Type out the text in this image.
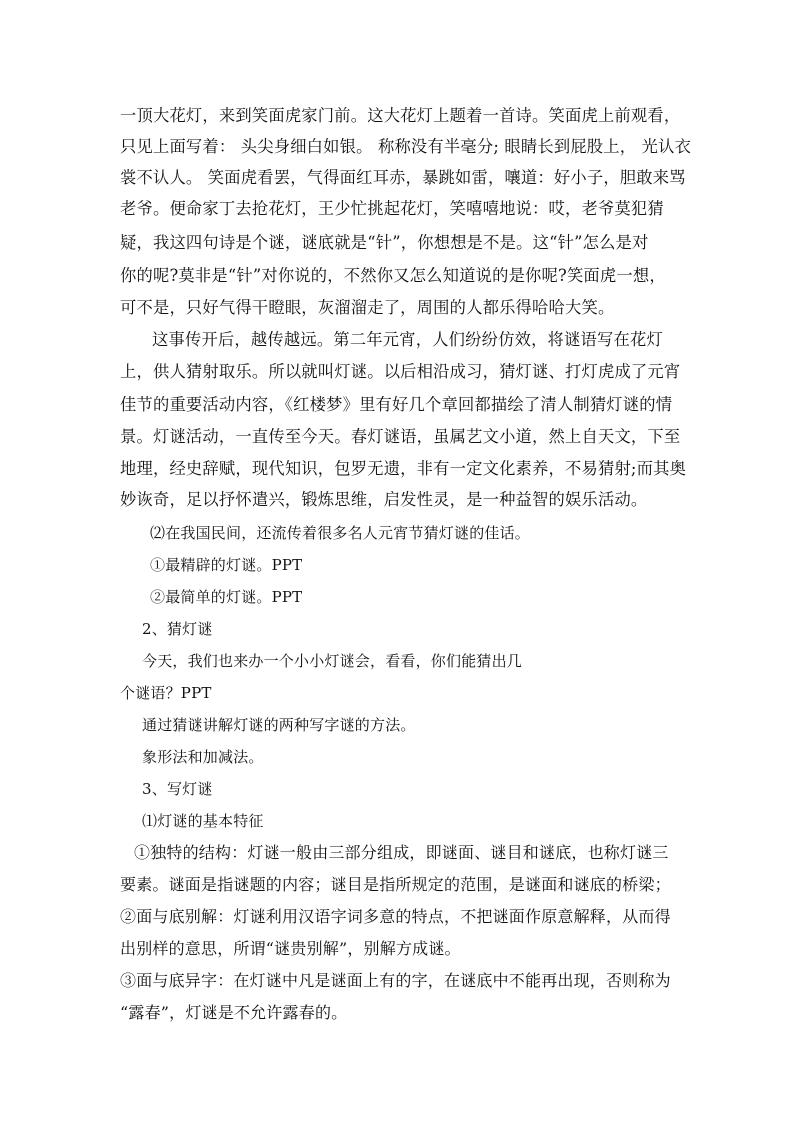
一顶大花灯，来到笑面虎家门前。这大花灯上题着一首诗。笑面虎上前观看，
只见上面写着： 头尖身细白如银。 称称没有半毫分; 眼睛长到屁股上， 光认衣
裳不认人。 笑面虎看罢，气得面红耳赤，暴跳如雷，嚷道：好小子，胆敢来骂
老爷。便命家丁去抢花灯，王少忙挑起花灯，笑嘻嘻地说：哎，老爷莫犯猜
疑，我这四句诗是个谜，谜底就是“针”，你想想是不是。这“针”怎么是对
你的呢?莫非是“针”对你说的，不然你又怎么知道说的是你呢?笑面虎一想，
可不是，只好气得干瞪眼，灰溜溜走了，周围的人都乐得哈哈大笑。
这事传开后，越传越远。第二年元宵，人们纷纷仿效，将谜语写在花灯
上，供人猜射取乐。所以就叫灯谜。以后相沿成习，猜灯谜、打灯虎成了元宵
佳节的重要活动内容，《红楼梦》里有好几个章回都描绘了清人制猜灯谜的情
景。灯谜活动，一直传至今天。春灯谜语，虽属艺文小道，然上自天文，下至
地理，经史辞赋，现代知识，包罗无遗，非有一定文化素养，不易猜射;而其奥
妙诙奇，足以抒怀遣兴，锻炼思维，启发性灵，是一种益智的娱乐活动。
⑵在我国民间，还流传着很多名人元宵节猜灯谜的佳话。
①最精辟的灯谜。PPT
②最简单的灯谜。PPT
2、猜灯谜
今天，我们也来办一个小小灯谜会，看看，你们能猜出几
个谜语？PPT
通过猜谜讲解灯谜的两种写字谜的方法。
象形法和加减法。
3、写灯谜
⑴灯谜的基本特征
①独特的结构：灯谜一般由三部分组成，即谜面、谜目和谜底，也称灯谜三
要素。谜面是指谜题的内容；谜目是指所规定的范围，是谜面和谜底的桥梁；
②面与底别解：灯谜利用汉语字词多意的特点，不把谜面作原意解释，从而得
出别样的意思，所谓“谜贵别解”，别解方成谜。
③面与底异字：在灯谜中凡是谜面上有的字，在谜底中不能再出现，否则称为
“露春”，灯谜是不允许露春的。
